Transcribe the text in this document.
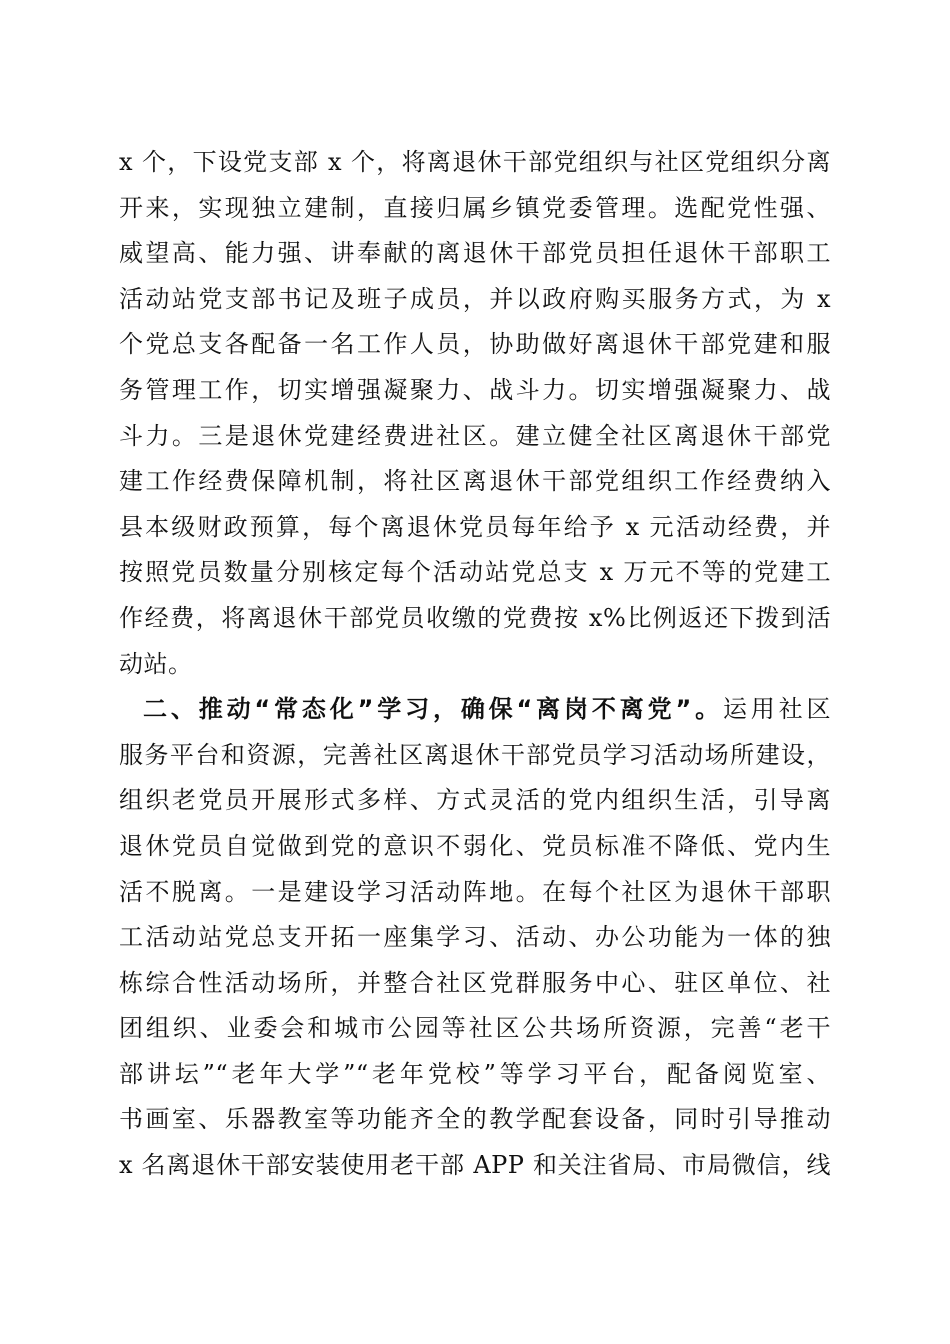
x 个，下设党支部 x 个，将离退休干部党组织与社区党组织分离
开来，实现独立建制，直接归属乡镇党委管理。选配党性强、
威望高、能力强、讲奉献的离退休干部党员担任退休干部职工
活动站党支部书记及班子成员，并以政府购买服务方式，为 x
个党总支各配备一名工作人员，协助做好离退休干部党建和服
务管理工作，切实增强凝聚力、战斗力。切实增强凝聚力、战
斗力。三是退休党建经费进社区。建立健全社区离退休干部党
建工作经费保障机制，将社区离退休干部党组织工作经费纳入
县本级财政预算，每个离退休党员每年给予 x 元活动经费，并
按照党员数量分别核定每个活动站党总支 x 万元不等的党建工
作经费，将离退休干部党员收缴的党费按 x%比例返还下拨到活
动站。
二、推动“常态化”学习，确保“离岗不离党”。运用社区
服务平台和资源，完善社区离退休干部党员学习活动场所建设，
组织老党员开展形式多样、方式灵活的党内组织生活，引导离
退休党员自觉做到党的意识不弱化、党员标准不降低、党内生
活不脱离。一是建设学习活动阵地。在每个社区为退休干部职
工活动站党总支开拓一座集学习、活动、办公功能为一体的独
栋综合性活动场所，并整合社区党群服务中心、驻区单位、社
团组织、业委会和城市公园等社区公共场所资源，完善“老干
部讲坛”“老年大学”“老年党校”等学习平台，配备阅览室、
书画室、乐器教室等功能齐全的教学配套设备，同时引导推动
x 名离退休干部安装使用老干部 APP 和关注省局、市局微信，线
